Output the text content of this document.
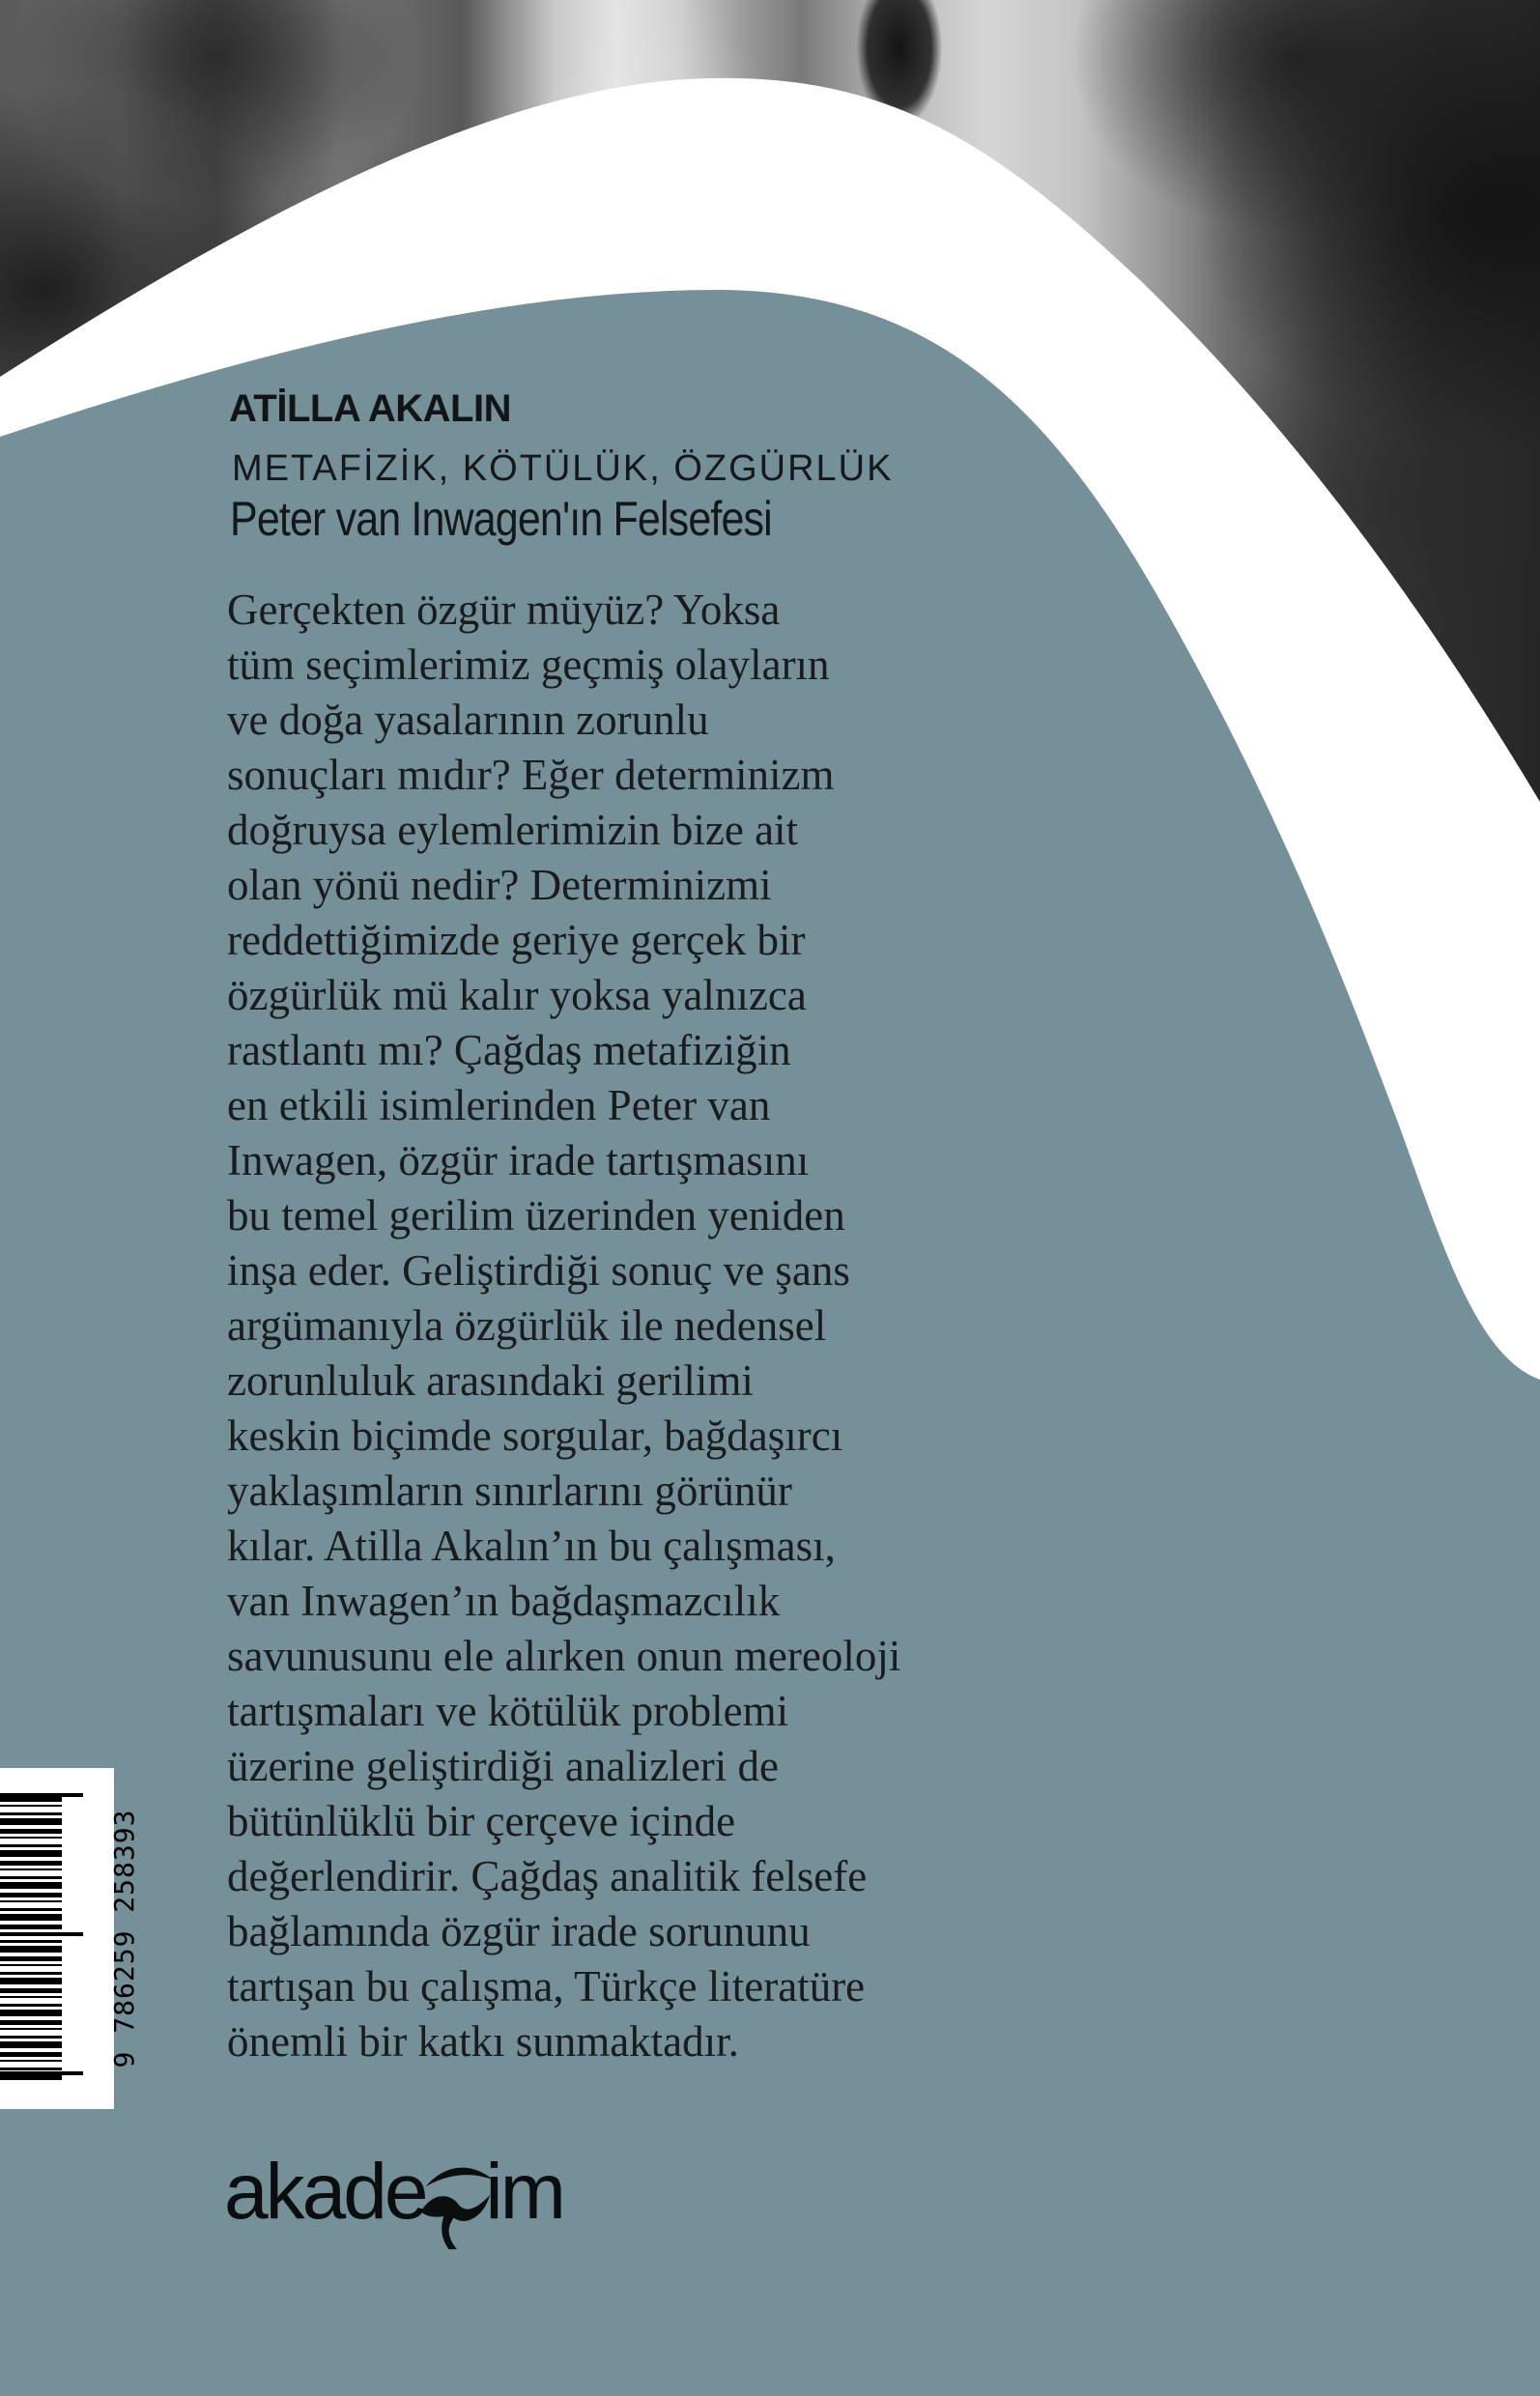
ATİLLA AKALIN
METAFİZİK, KÖTÜLÜK, ÖZGÜRLÜK
Peter van Inwagen'ın Felsefesi
Gerçekten özgür müyüz? Yoksa
tüm seçimlerimiz geçmiş olayların
ve doğa yasalarının zorunlu
sonuçları mıdır? Eğer determinizm
doğruysa eylemlerimizin bize ait
olan yönü nedir? Determinizmi
reddettiğimizde geriye gerçek bir
özgürlük mü kalır yoksa yalnızca
rastlantı mı? Çağdaş metafiziğin
en etkili isimlerinden Peter van
Inwagen, özgür irade tartışmasını
bu temel gerilim üzerinden yeniden
inşa eder. Geliştirdiği sonuç ve şans
argümanıyla özgürlük ile nedensel
zorunluluk arasındaki gerilimi
keskin biçimde sorgular, bağdaşırcı
yaklaşımların sınırlarını görünür
kılar. Atilla Akalın’ın bu çalışması,
van Inwagen’ın bağdaşmazcılık
savunusunu ele alırken onun mereoloji
tartışmaları ve kötülük problemi
üzerine geliştirdiği analizleri de
bütünlüklü bir çerçeve içinde
değerlendirir. Çağdaş analitik felsefe
bağlamında özgür irade sorununu
tartışan bu çalışma, Türkçe literatüre
önemli bir katkı sunmaktadır.
9 786259 258393
akade im
